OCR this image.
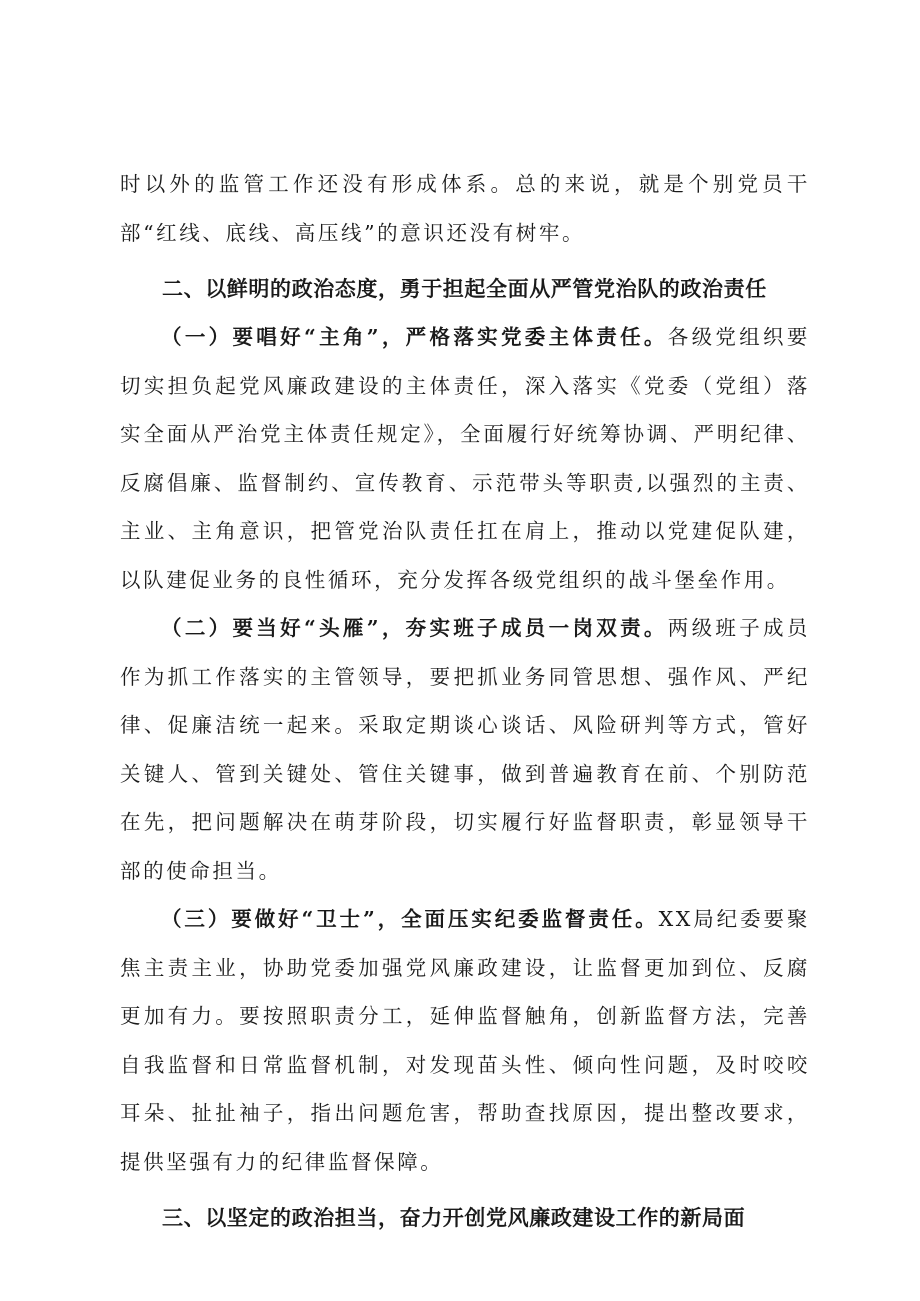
时以外的监管工作还没有形成体系。总的来说，就是个别党员干部“红线、底线、高压线”的意识还没有树牢。

二、以鲜明的政治态度，勇于担起全面从严管党治队的政治责任

（一）要唱好“主角”，严格落实党委主体责任。各级党组织要切实担负起党风廉政建设的主体责任，深入落实《党委（党组）落实全面从严治党主体责任规定》，全面履行好统筹协调、严明纪律、反腐倡廉、监督制约、宣传教育、示范带头等职责,以强烈的主责、主业、主角意识，把管党治队责任扛在肩上，推动以党建促队建，以队建促业务的良性循环，充分发挥各级党组织的战斗堡垒作用。

（二）要当好“头雁”，夯实班子成员一岗双责。两级班子成员作为抓工作落实的主管领导，要把抓业务同管思想、强作风、严纪律、促廉洁统一起来。采取定期谈心谈话、风险研判等方式，管好关键人、管到关键处、管住关键事，做到普遍教育在前、个别防范在先，把问题解决在萌芽阶段，切实履行好监督职责，彰显领导干部的使命担当。

（三）要做好“卫士”，全面压实纪委监督责任。XX局纪委要聚焦主责主业，协助党委加强党风廉政建设，让监督更加到位、反腐更加有力。要按照职责分工，延伸监督触角，创新监督方法，完善自我监督和日常监督机制，对发现苗头性、倾向性问题，及时咬咬耳朵、扯扯袖子，指出问题危害，帮助查找原因，提出整改要求，提供坚强有力的纪律监督保障。

三、以坚定的政治担当，奋力开创党风廉政建设工作的新局面
